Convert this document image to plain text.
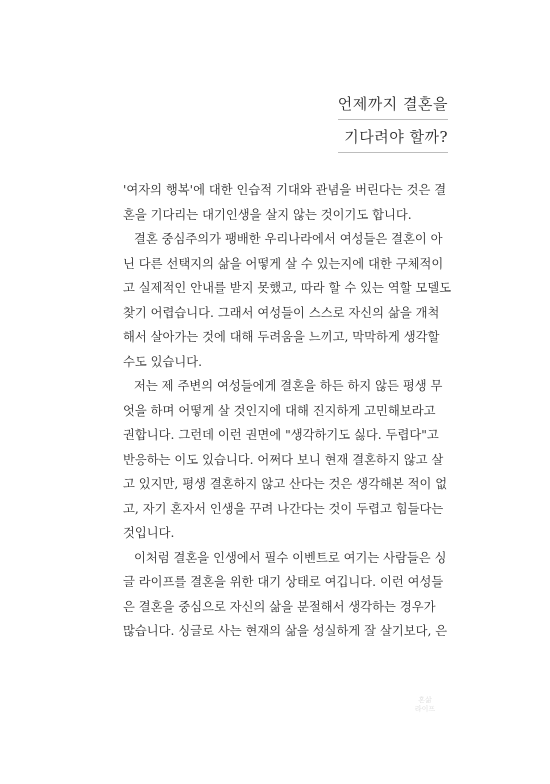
언제까지 결혼을
기다려야 할까?
'여자의 행복'에 대한 인습적 기대와 관념을 버린다는 것은 결
혼을 기다리는 대기인생을 살지 않는 것이기도 합니다.
결혼 중심주의가 팽배한 우리나라에서 여성들은 결혼이 아
닌 다른 선택지의 삶을 어떻게 살 수 있는지에 대한 구체적이
고 실제적인 안내를 받지 못했고, 따라 할 수 있는 역할 모델도
찾기 어렵습니다. 그래서 여성들이 스스로 자신의 삶을 개척
해서 살아가는 것에 대해 두려움을 느끼고, 막막하게 생각할
수도 있습니다.
저는 제 주변의 여성들에게 결혼을 하든 하지 않든 평생 무
엇을 하며 어떻게 살 것인지에 대해 진지하게 고민해보라고
권합니다. 그런데 이런 권면에 "생각하기도 싫다. 두렵다"고
반응하는 이도 있습니다. 어쩌다 보니 현재 결혼하지 않고 살
고 있지만, 평생 결혼하지 않고 산다는 것은 생각해본 적이 없
고, 자기 혼자서 인생을 꾸려 나간다는 것이 두렵고 힘들다는
것입니다.
이처럼 결혼을 인생에서 필수 이벤트로 여기는 사람들은 싱
글 라이프를 결혼을 위한 대기 상태로 여깁니다. 이런 여성들
은 결혼을 중심으로 자신의 삶을 분절해서 생각하는 경우가
많습니다. 싱글로 사는 현재의 삶을 성실하게 잘 살기보다, 은
혼삶
라이프
